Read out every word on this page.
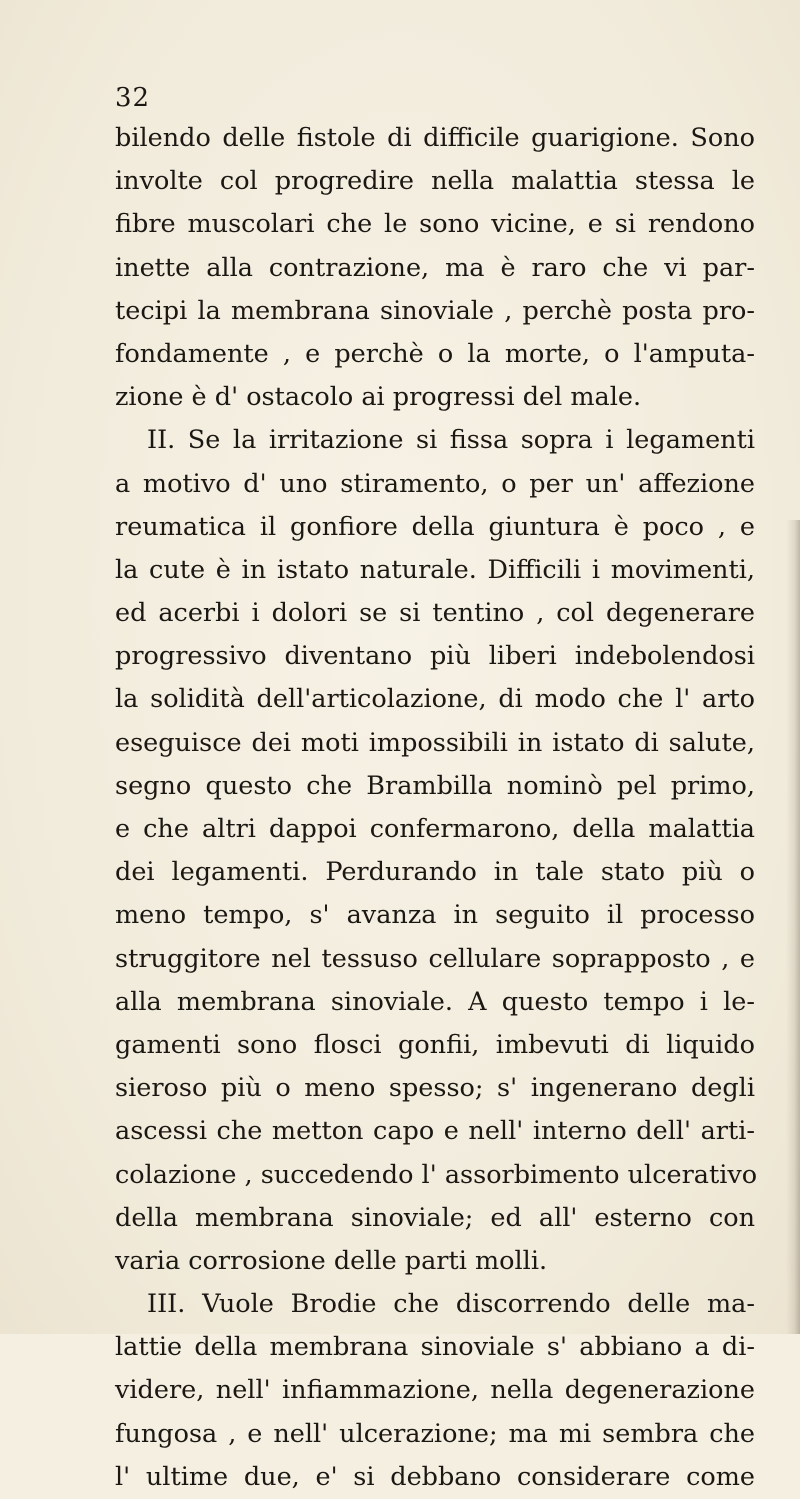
32
bilendo delle fistole di difficile guarigione. Sono
involte col progredire nella malattia stessa le
fibre muscolari che le sono vicine, e si rendono
inette alla contrazione, ma è raro che vi par-
tecipi la membrana sinoviale , perchè posta pro-
fondamente , e perchè o la morte, o l'amputa-
zione è d' ostacolo ai progressi del male.
II. Se la irritazione si fissa sopra i legamenti
a motivo d' uno stiramento, o per un' affezione
reumatica il gonfiore della giuntura è poco , e
la cute è in istato naturale. Difficili i movimenti,
ed acerbi i dolori se si tentino , col degenerare
progressivo diventano più liberi indebolendosi
la solidità dell'articolazione, di modo che l' arto
eseguisce dei moti impossibili in istato di salute,
segno questo che Brambilla nominò pel primo,
e che altri dappoi confermarono, della malattia
dei legamenti. Perdurando in tale stato più o
meno tempo, s' avanza in seguito il processo
struggitore nel tessuso cellulare soprapposto , e
alla membrana sinoviale. A questo tempo i le-
gamenti sono flosci gonfii, imbevuti di liquido
sieroso più o meno spesso; s' ingenerano degli
ascessi che metton capo e nell' interno dell' arti-
colazione , succedendo l' assorbimento ulcerativo
della membrana sinoviale; ed all' esterno con
varia corrosione delle parti molli.
III. Vuole Brodie che discorrendo delle ma-
lattie della membrana sinoviale s' abbiano a di-
videre, nell' infiammazione, nella degenerazione
fungosa , e nell' ulcerazione; ma mi sembra che
l' ultime due, e' si debbano considerare come
